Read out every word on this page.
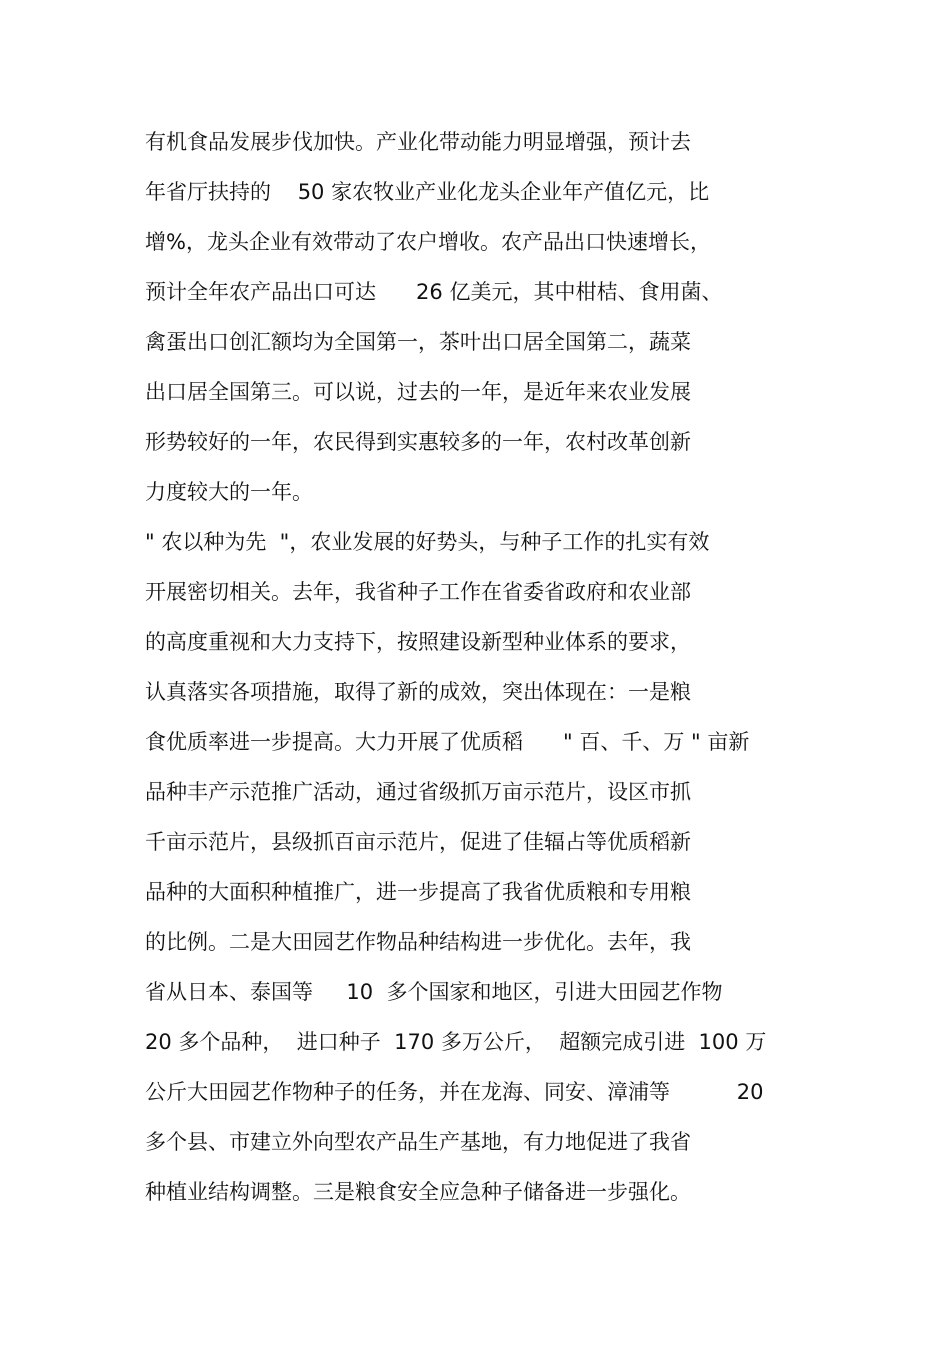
有机食品发展步伐加快。产业化带动能力明显增强，预计去
年省厅扶持的    50 家农牧业产业化龙头企业年产值亿元，比
增%，龙头企业有效带动了农户增收。农产品出口快速增长，
预计全年农产品出口可达      26 亿美元，其中柑桔、食用菌、
禽蛋出口创汇额均为全国第一，茶叶出口居全国第二，蔬菜
出口居全国第三。可以说，过去的一年，是近年来农业发展
形势较好的一年，农民得到实惠较多的一年，农村改革创新
力度较大的一年。
" 农以种为先  "，农业发展的好势头，与种子工作的扎实有效
开展密切相关。去年，我省种子工作在省委省政府和农业部
的高度重视和大力支持下，按照建设新型种业体系的要求，
认真落实各项措施，取得了新的成效，突出体现在：一是粮
食优质率进一步提高。大力开展了优质稻      " 百、千、万 " 亩新
品种丰产示范推广活动，通过省级抓万亩示范片，设区市抓
千亩示范片，县级抓百亩示范片，促进了佳辐占等优质稻新
品种的大面积种植推广，进一步提高了我省优质粮和专用粮
的比例。二是大田园艺作物品种结构进一步优化。去年，我
省从日本、泰国等     10  多个国家和地区，引进大田园艺作物
20 多个品种，  进口种子  170 多万公斤，  超额完成引进  100 万
公斤大田园艺作物种子的任务，并在龙海、同安、漳浦等          20
多个县、市建立外向型农产品生产基地，有力地促进了我省
种植业结构调整。三是粮食安全应急种子储备进一步强化。
